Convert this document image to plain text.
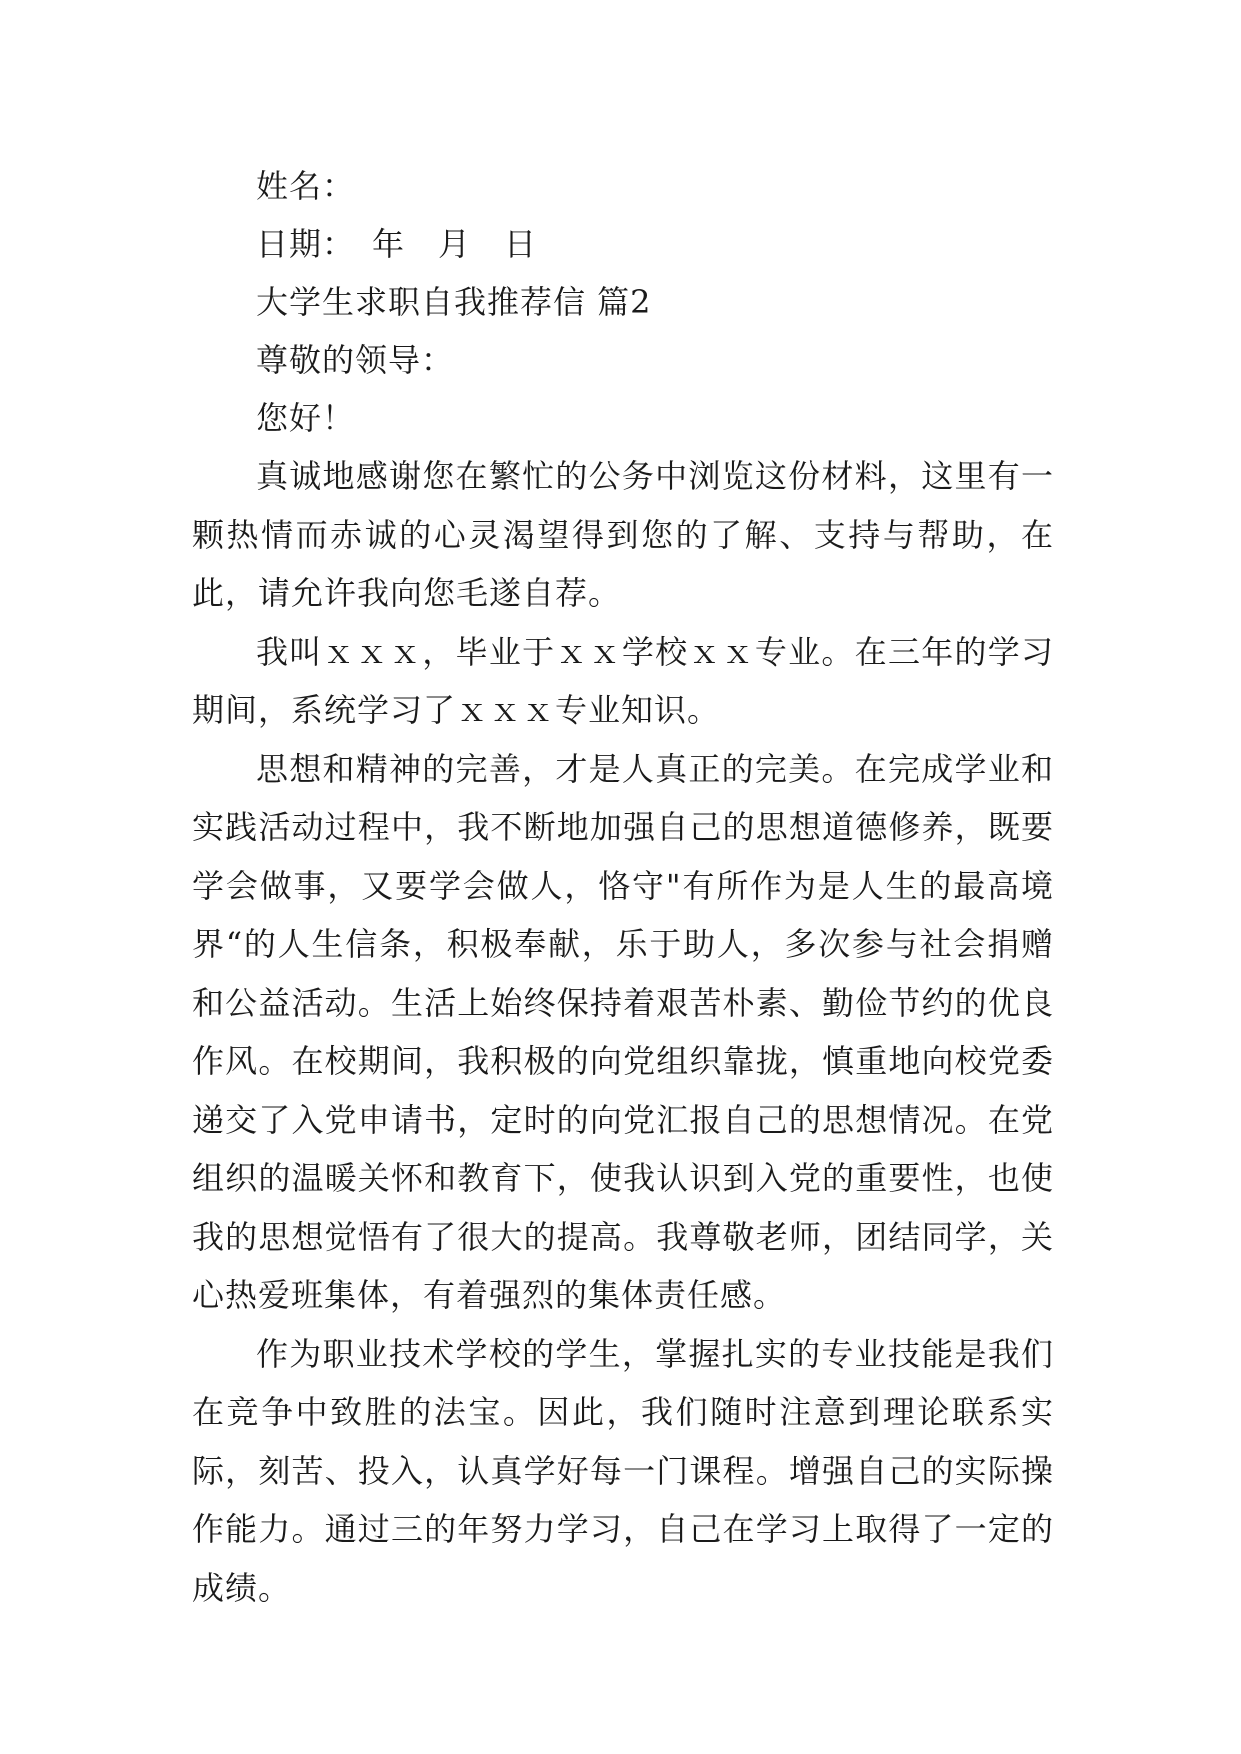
姓名：
日期：　年　月　日
大学生求职自我推荐信 篇2
尊敬的领导：
您好！

真诚地感谢您在繁忙的公务中浏览这份材料，这里有一颗热情而赤诚的心灵渴望得到您的了解、支持与帮助，在此，请允许我向您毛遂自荐。

我叫ｘｘｘ，毕业于ｘｘ学校ｘｘ专业。在三年的学习期间，系统学习了ｘｘｘ专业知识。

思想和精神的完善，才是人真正的完美。在完成学业和实践活动过程中，我不断地加强自己的思想道德修养，既要学会做事，又要学会做人，恪守"有所作为是人生的最高境界“的人生信条，积极奉献，乐于助人，多次参与社会捐赠和公益活动。生活上始终保持着艰苦朴素、勤俭节约的优良作风。在校期间，我积极的向党组织靠拢，慎重地向校党委递交了入党申请书，定时的向党汇报自己的思想情况。在党组织的温暖关怀和教育下，使我认识到入党的重要性，也使我的思想觉悟有了很大的提高。我尊敬老师，团结同学，关心热爱班集体，有着强烈的集体责任感。

作为职业技术学校的学生，掌握扎实的专业技能是我们在竞争中致胜的法宝。因此，我们随时注意到理论联系实际，刻苦、投入，认真学好每一门课程。增强自己的实际操作能力。通过三的年努力学习，自己在学习上取得了一定的成绩。
